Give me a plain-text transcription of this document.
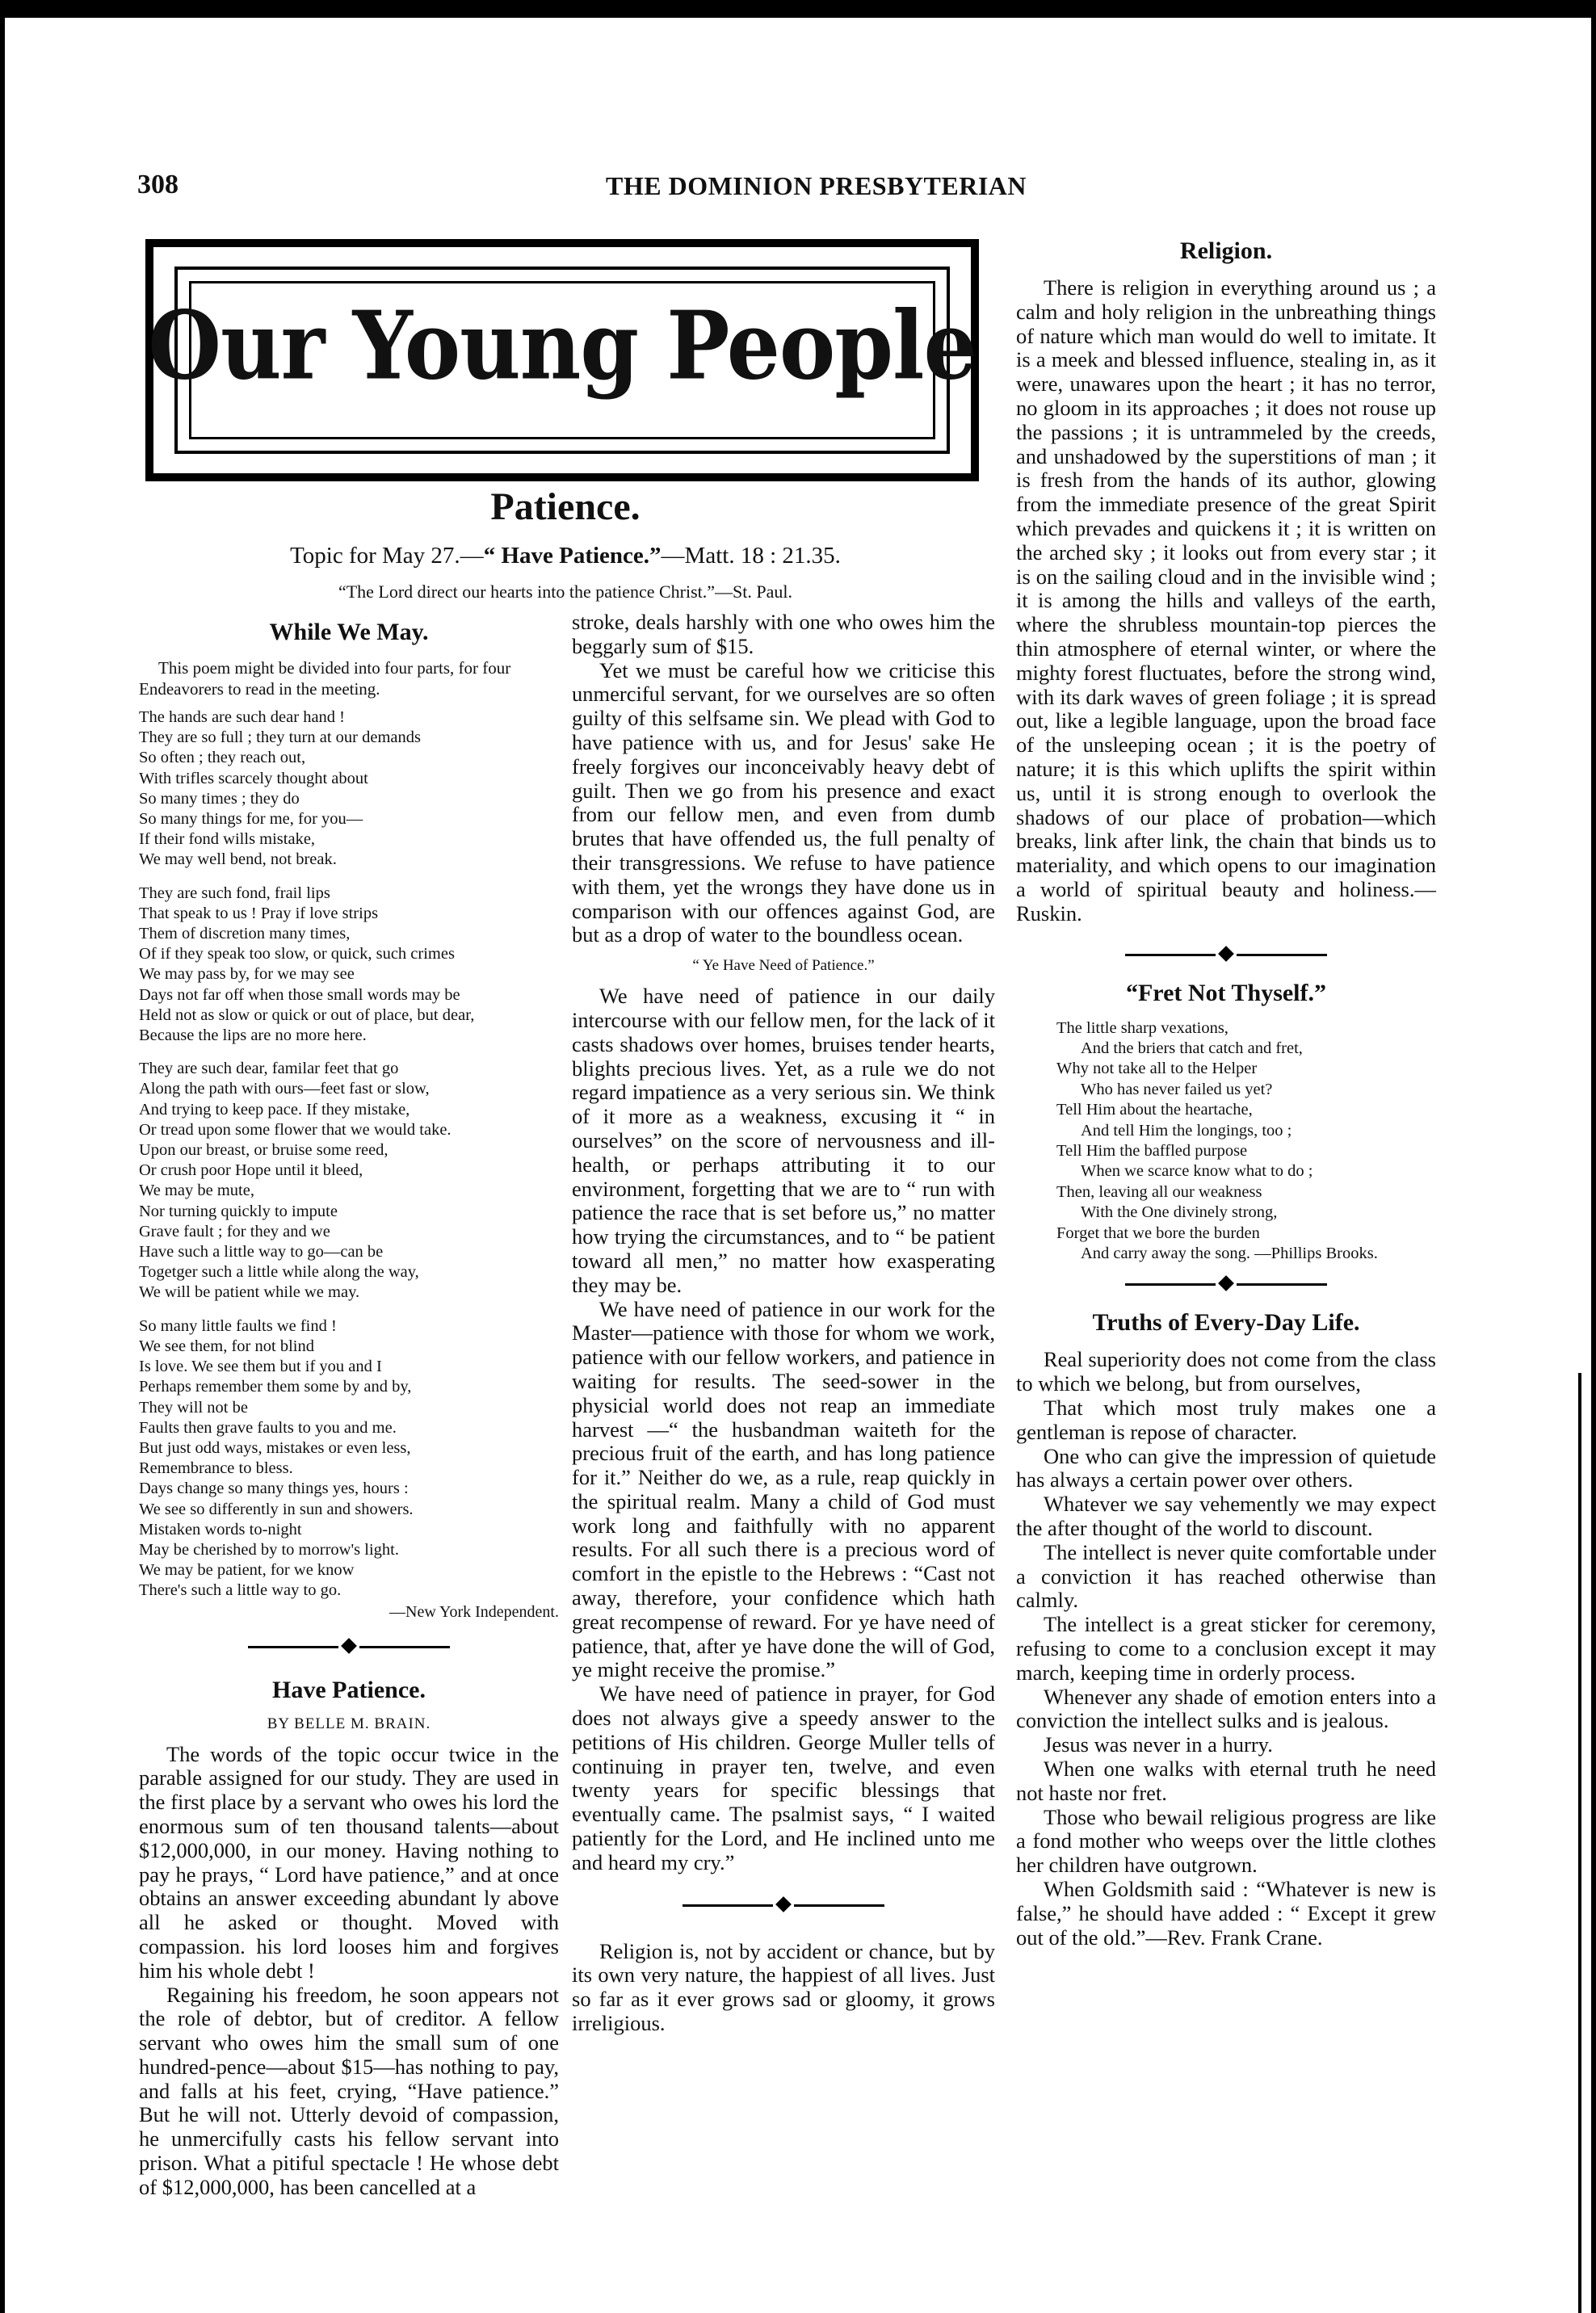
308	THE DOMINION PRESBYTERIAN
Our Young People
Patience.
Topic for May 27.—“ Have Patience.”—Matt. 18 : 21.35.
“The Lord direct our hearts into the patience Christ.”—St. Paul.
While We May.

This poem might be divided into four parts, for four Endeavorers to read in the meeting.

The hands are such dear hand !
They are so full ; they turn at our demands
So often ; they reach out,
With trifles scarcely thought about
So many times ; they do
So many things for me, for you—
If their fond wills mistake,
We may well bend, not break.

They are such fond, frail lips
That speak to us ! Pray if love strips
Them of discretion many times,
Of if they speak too slow, or quick, such crimes
We may pass by, for we may see
Days not far off when those small words may be
Held not as slow or quick or out of place, but dear,
Because the lips are no more here.

They are such dear, familar feet that go
Along the path with ours—feet fast or slow,
And trying to keep pace. If they mistake,
Or tread upon some flower that we would take.
Upon our breast, or bruise some reed,
Or crush poor Hope until it bleed,
We may be mute,
Nor turning quickly to impute
Grave fault ; for they and we
Have such a little way to go—can be
Togetger such a little while along the way,
We will be patient while we may.

So many little faults we find !
We see them, for not blind
Is love. We see them but if you and I
Perhaps remember them some by and by,
They will not be
Faults then grave faults to you and me.
But just odd ways, mistakes or even less,
Remembrance to bless.
Days change so many things yes, hours :
We see so differently in sun and showers.
Mistaken words to-night
May be cherished by to morrow's light.
We may be patient, for we know
There's such a little way to go.

—New York Independent.

Have Patience.
BY BELLE M. BRAIN.

The words of the topic occur twice in the parable assigned for our study. They are used in the first place by a servant who owes his lord the enormous sum of ten thousand talents—about $12,000,000, in our money. Having nothing to pay he prays, “ Lord have patience,” and at once obtains an answer exceeding abundant ly above all he asked or thought. Moved with compassion. his lord looses him and forgives him his whole debt !

Regaining his freedom, he soon appears not the role of debtor, but of creditor. A fellow servant who owes him the small sum of one hundred-pence—about $15—has nothing to pay, and falls at his feet, crying, “Have patience.” But he will not. Utterly devoid of compassion, he unmercifully casts his fellow servant into prison. What a pitiful spectacle ! He whose debt of $12,000,000, has been cancelled at a

stroke, deals harshly with one who owes him the beggarly sum of $15.

Yet we must be careful how we criticise this unmerciful servant, for we ourselves are so often guilty of this selfsame sin. We plead with God to have patience with us, and for Jesus' sake He freely forgives our inconceivably heavy debt of guilt. Then we go from his presence and exact from our fellow men, and even from dumb brutes that have offended us, the full penalty of their transgressions. We refuse to have patience with them, yet the wrongs they have done us in comparison with our offences against God, are but as a drop of water to the boundless ocean.

“ Ye Have Need of Patience.”

We have need of patience in our daily intercourse with our fellow men, for the lack of it casts shadows over homes, bruises tender hearts, blights precious lives. Yet, as a rule we do not regard impatience as a very serious sin. We think of it more as a weakness, excusing it “ in ourselves” on the score of nervousness and ill-health, or perhaps attributing it to our environment, forgetting that we are to “ run with patience the race that is set before us,” no matter how trying the circumstances, and to “ be patient toward all men,” no matter how exasperating they may be.

We have need of patience in our work for the Master—patience with those for whom we work, patience with our fellow workers, and patience in waiting for results. The seed-sower in the physicial world does not reap an immediate harvest —“ the husbandman waiteth for the precious fruit of the earth, and has long patience for it.” Neither do we, as a rule, reap quickly in the spiritual realm. Many a child of God must work long and faithfully with no apparent results. For all such there is a precious word of comfort in the epistle to the Hebrews : “Cast not away, therefore, your confidence which hath great recompense of reward. For ye have need of patience, that, after ye have done the will of God, ye might receive the promise.”

We have need of patience in prayer, for God does not always give a speedy answer to the petitions of His children. George Muller tells of continuing in prayer ten, twelve, and even twenty years for specific blessings that eventually came. The psalmist says, “ I waited patiently for the Lord, and He inclined unto me and heard my cry.”

Religion is, not by accident or chance, but by its own very nature, the happiest of all lives. Just so far as it ever grows sad or gloomy, it grows irreligious.

Religion.

There is religion in everything around us ; a calm and holy religion in the unbreathing things of nature which man would do well to imitate. It is a meek and blessed influence, stealing in, as it were, unawares upon the heart ; it has no terror, no gloom in its approaches ; it does not rouse up the passions ; it is untrammeled by the creeds, and unshadowed by the superstitions of man ; it is fresh from the hands of its author, glowing from the immediate presence of the great Spirit which prevades and quickens it ; it is written on the arched sky ; it looks out from every star ; it is on the sailing cloud and in the invisible wind ; it is among the hills and valleys of the earth, where the shrubless mountain-top pierces the thin atmosphere of eternal winter, or where the mighty forest fluctuates, before the strong wind, with its dark waves of green foliage ; it is spread out, like a legible language, upon the broad face of the unsleeping ocean ; it is the poetry of nature; it is this which uplifts the spirit within us, until it is strong enough to overlook the shadows of our place of probation—which breaks, link after link, the chain that binds us to materiality, and which opens to our imagination a world of spiritual beauty and holiness.—Ruskin.

“Fret Not Thyself.”
The little sharp vexations,
And the briers that catch and fret,
Why not take all to the Helper
Who has never failed us yet?
Tell Him about the heartache,
And tell Him the longings, too ;
Tell Him the baffled purpose
When we scarce know what to do ;
Then, leaving all our weakness
With the One divinely strong,
Forget that we bore the burden
And carry away the song. —Phillips Brooks.
Truths of Every-Day Life.

Real superiority does not come from the class to which we belong, but from ourselves,

That which most truly makes one a gentleman is repose of character.

One who can give the impression of quietude has always a certain power over others.

Whatever we say vehemently we may expect the after thought of the world to discount.

The intellect is never quite comfortable under a conviction it has reached otherwise than calmly.

The intellect is a great sticker for ceremony, refusing to come to a conclusion except it may march, keeping time in orderly process.

Whenever any shade of emotion enters into a conviction the intellect sulks and is jealous.

Jesus was never in a hurry.

When one walks with eternal truth he need not haste nor fret.

Those who bewail religious progress are like a fond mother who weeps over the little clothes her children have outgrown.

When Goldsmith said : “Whatever is new is false,” he should have added : “ Except it grew out of the old.”—Rev. Frank Crane.
